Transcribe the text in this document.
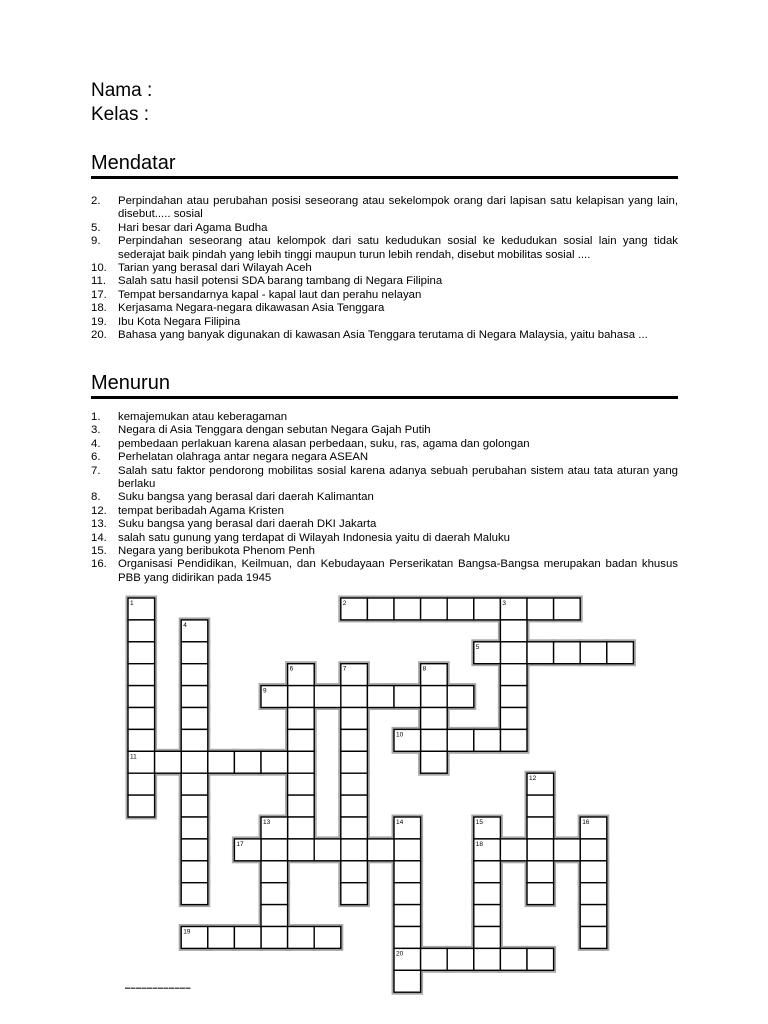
Nama :
Kelas :
Mendatar
2.	Perpindahan atau perubahan posisi seseorang atau sekelompok orang dari lapisan satu kelapisan yang lain, disebut..... sosial
5.	Hari besar dari Agama Budha
9.	Perpindahan seseorang atau kelompok dari satu kedudukan sosial ke kedudukan sosial lain yang tidak sederajat baik pindah yang lebih tinggi maupun turun lebih rendah, disebut mobilitas sosial ....
10. Tarian yang berasal dari Wilayah Aceh
11.	Salah satu hasil potensi SDA barang tambang di Negara Filipina
17. Tempat bersandarnya kapal - kapal laut dan perahu nelayan
18. Kerjasama Negara-negara dikawasan Asia Tenggara
19. Ibu Kota Negara Filipina
20. Bahasa yang banyak digunakan di kawasan Asia Tenggara terutama di Negara Malaysia, yaitu bahasa ...
Menurun
1.	kemajemukan atau keberagaman
3.	Negara di Asia Tenggara dengan sebutan Negara Gajah Putih
4.	pembedaan perlakuan karena alasan perbedaan, suku, ras, agama dan golongan
6.	Perhelatan olahraga antar negara negara ASEAN
7.	Salah satu faktor pendorong mobilitas sosial karena adanya sebuah perubahan sistem atau tata aturan yang berlaku
8.	Suku bangsa yang berasal dari daerah Kalimantan
12. tempat beribadah Agama Kristen
13. Suku bangsa yang berasal dari daerah DKI Jakarta
14. salah satu gunung yang terdapat di Wilayah Indonesia yaitu di daerah Maluku
15. Negara yang beribukota Phenom Penh
16. Organisasi Pendidikan, Keilmuan, dan Kebudayaan Perserikatan Bangsa-Bangsa merupakan badan khusus PBB yang didirikan pada 1945
1	2	3
4
5
6	7	8
9
10
11
12
13	14	15	16
17	18
19
20
▬▬▬▬▬▬▬▬▬▬▬▬
